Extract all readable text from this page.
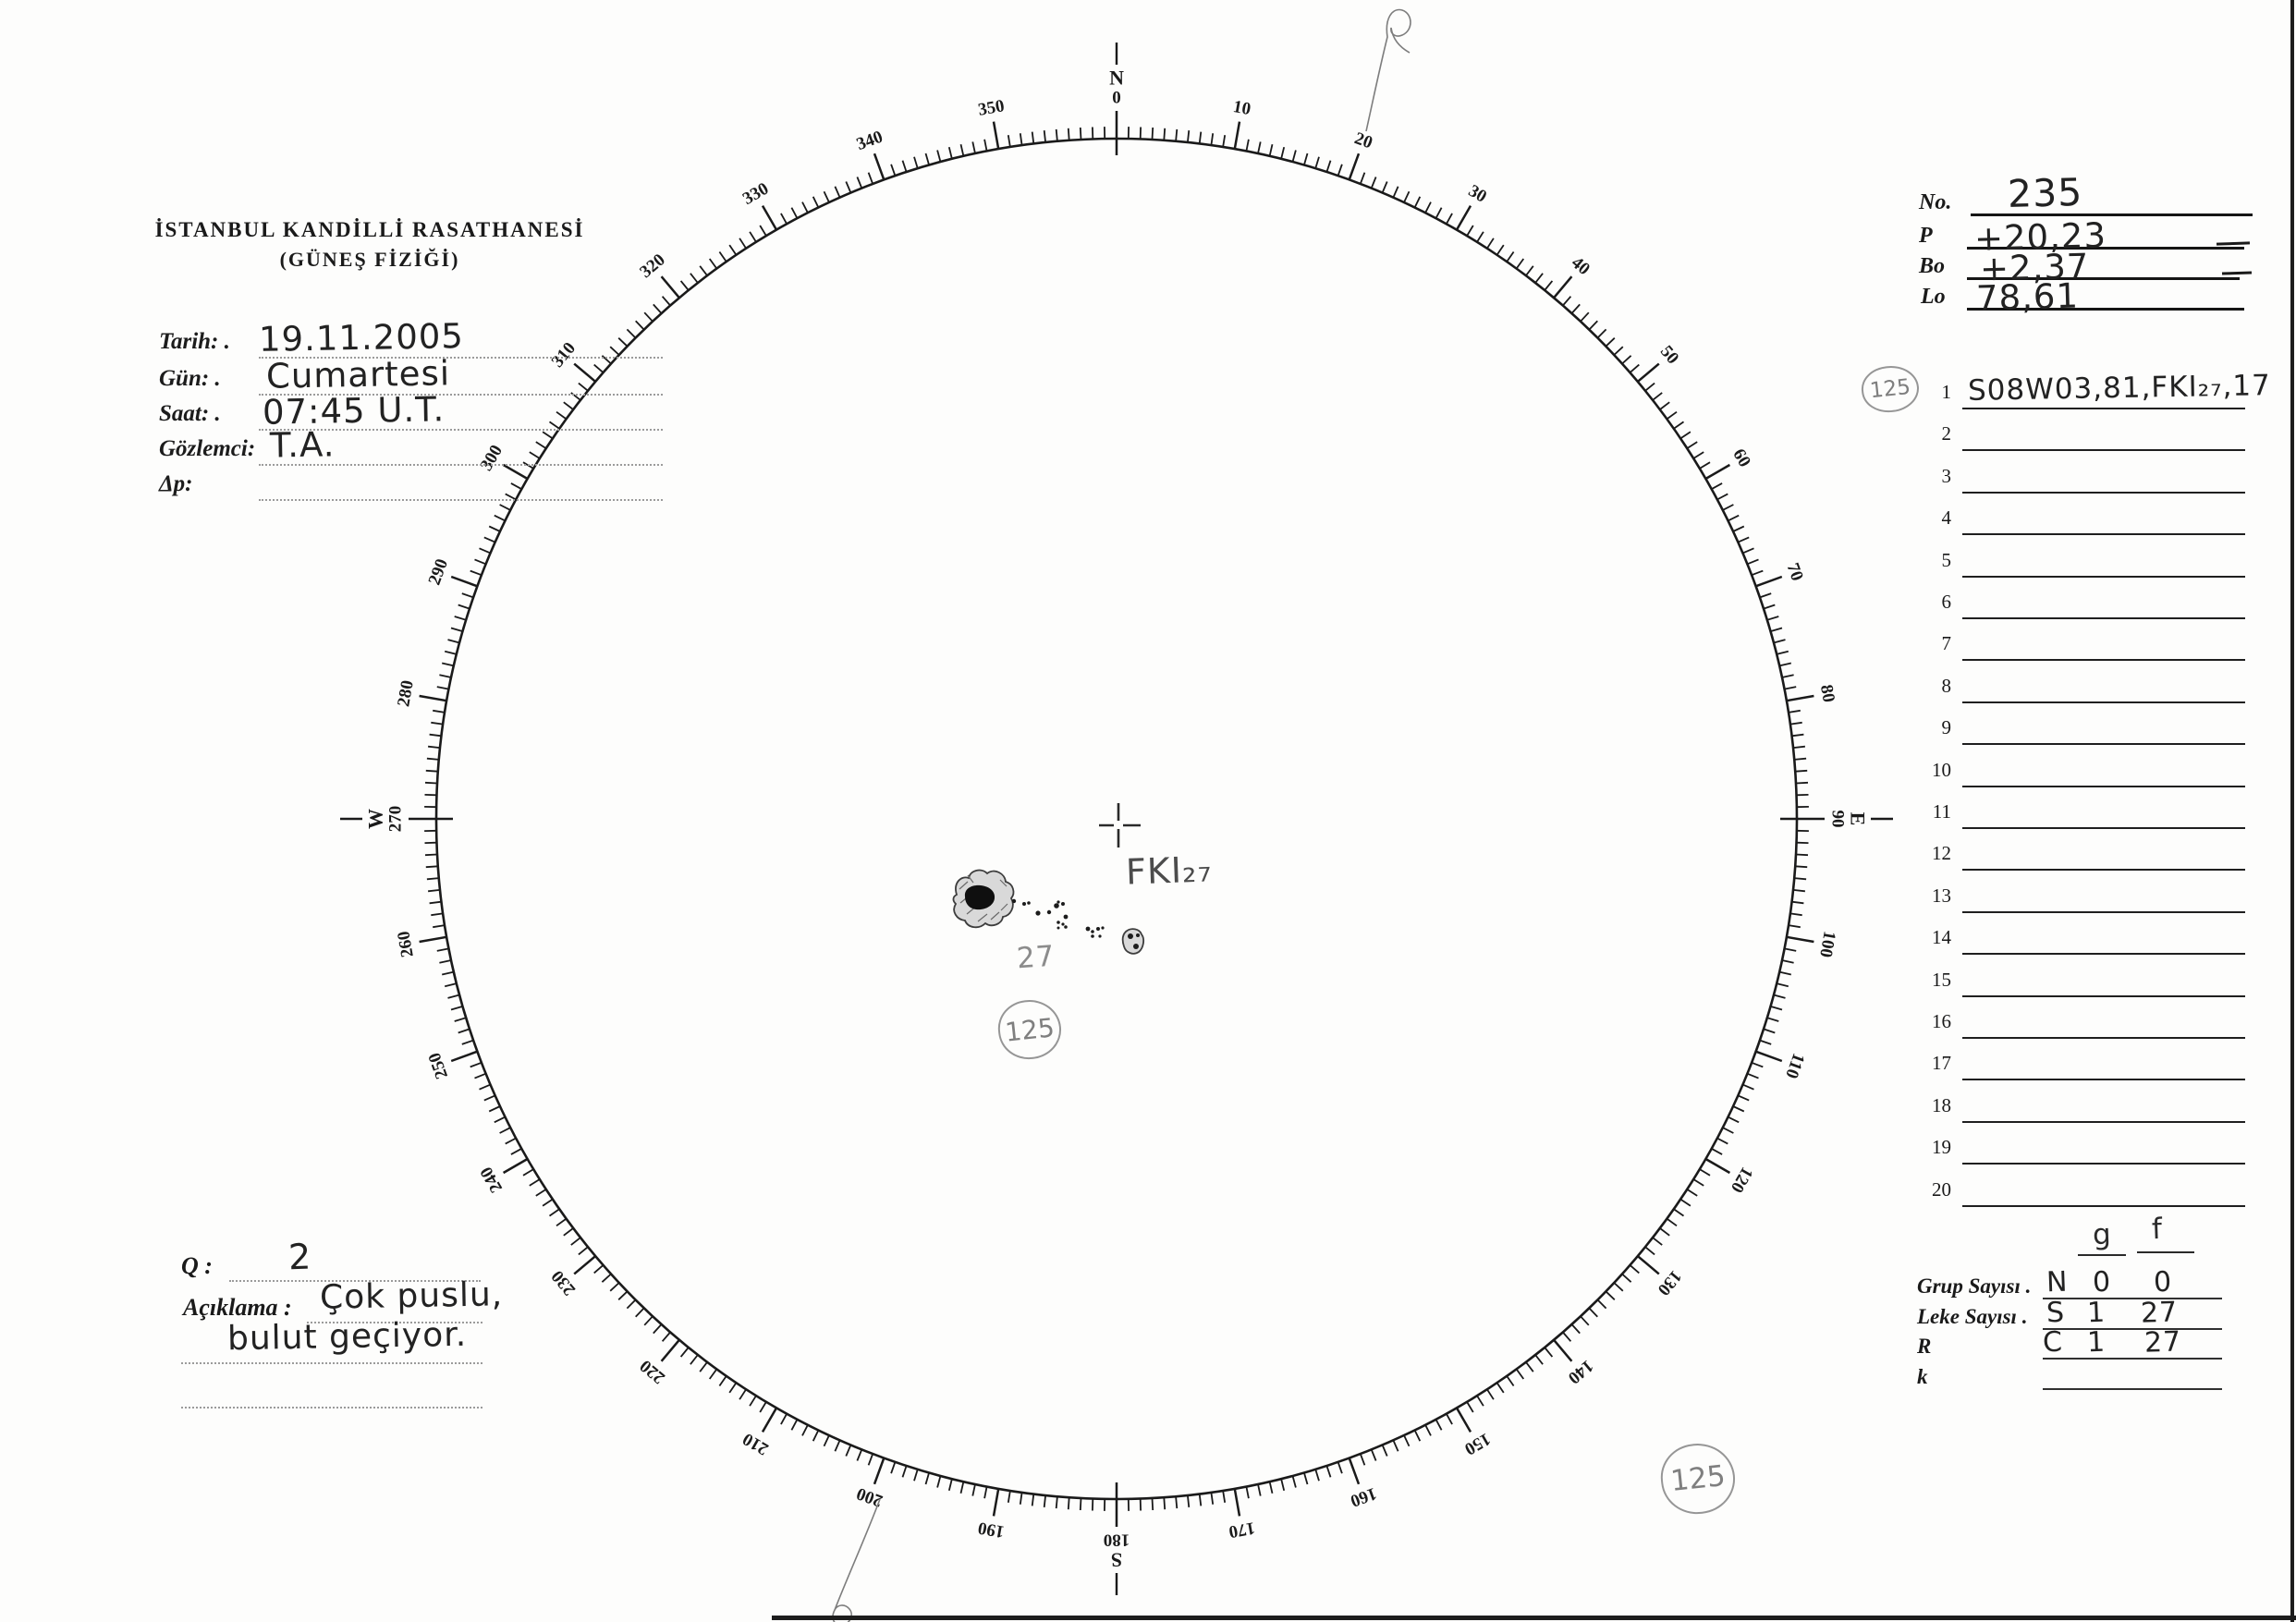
10
20
30
40
50
60
70
80
100
110
120
130
140
150
160
170
190
200
210
220
230
240
250
260
280
290
300
310
320
330
340
350	0
N
90
E
180
S
270
W
İSTANBUL KANDİLLİ RASATHANESİ
(GÜNEŞ FİZİĞİ)
Tarih: . 19.11.2005
Gün: . Cumartesi
Saat: . 07:45 U.T.
Gözlemci: T.A.
Δp:
No.
P
Bo
Lo
235
+20,23
+2,37
78,61
1 S08W03,81,FKI₂₇,17
2
3
4
5
6
7
8
9
10
11
12
13
14
15
16
17
18
19
20
125
g f
Grup Sayısı . N 0 0
Leke Sayısı . S 1 27
R	C 1 27
k
Q : 2
Açıklama : Çok puslu,
bulut geçiyor.
FKI₂₇
27
125
125
